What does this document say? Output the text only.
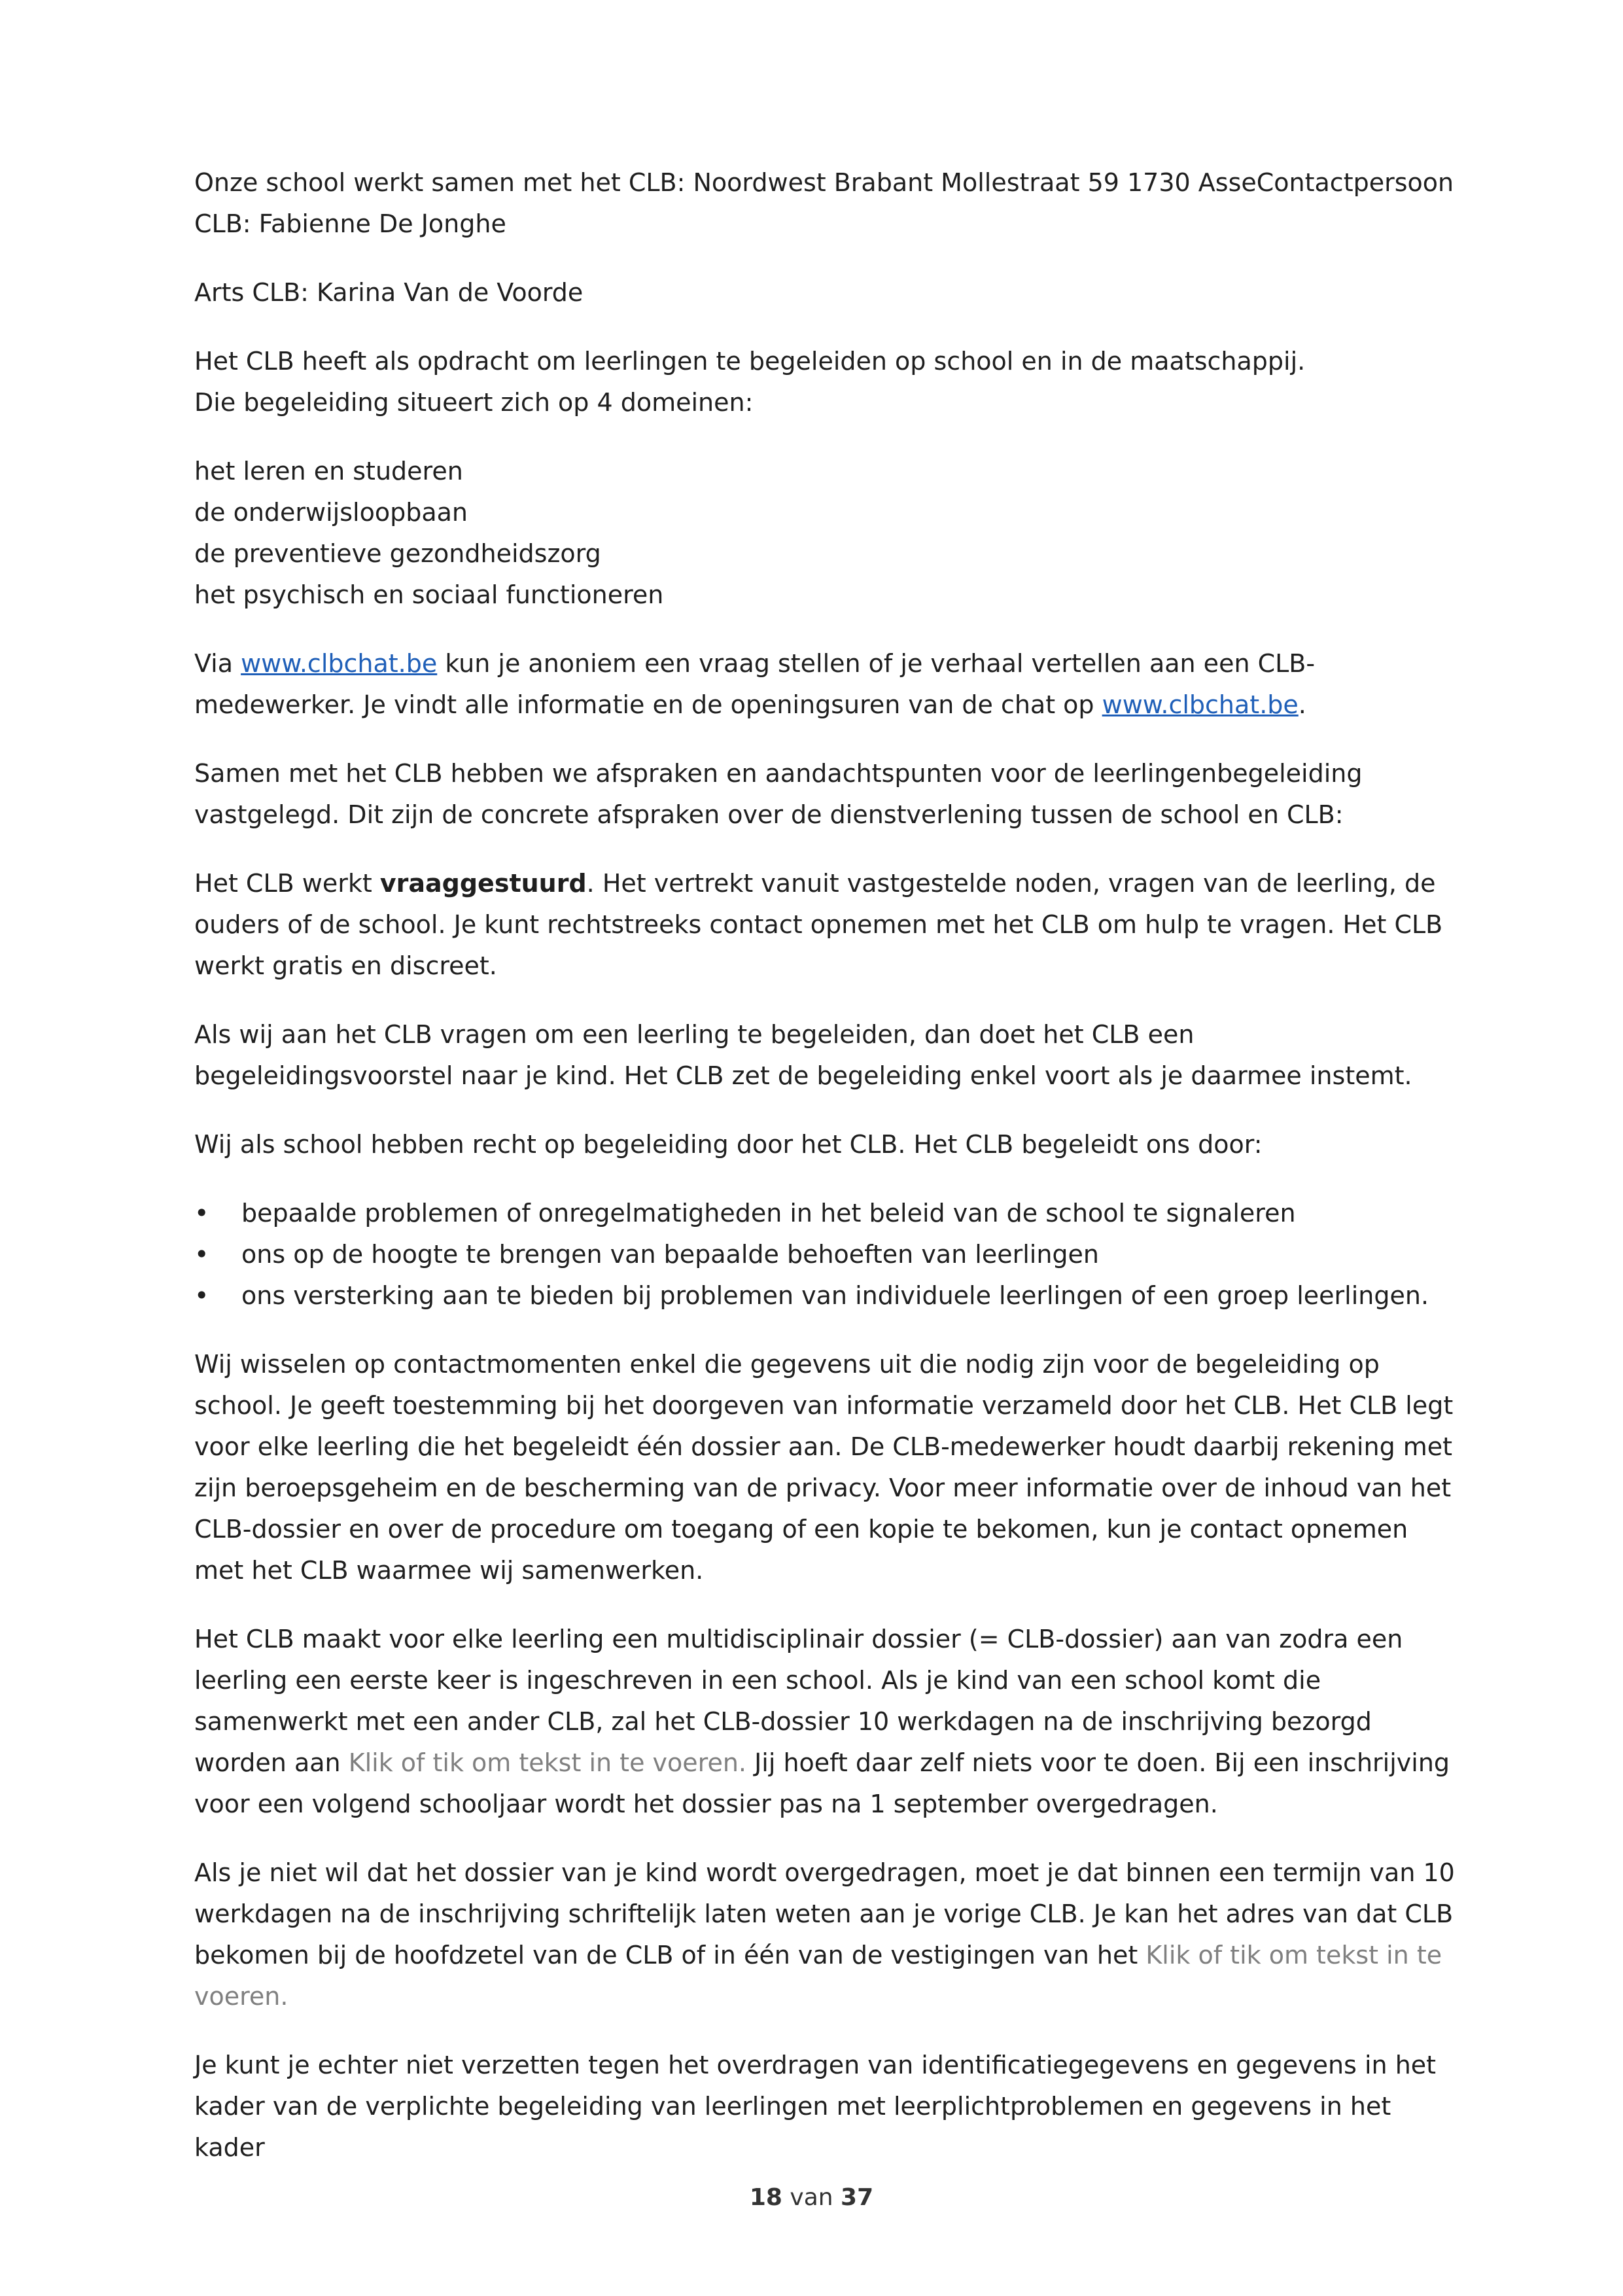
Onze school werkt samen met het CLB: Noordwest Brabant Mollestraat 59 1730 AsseContactpersoon
CLB: Fabienne De Jonghe

Arts CLB: Karina Van de Voorde

Het CLB heeft als opdracht om leerlingen te begeleiden op school en in de maatschappij.
Die begeleiding situeert zich op 4 domeinen:

het leren en studeren
de onderwijsloopbaan
de preventieve gezondheidszorg
het psychisch en sociaal functioneren

Via www.clbchat.be kun je anoniem een vraag stellen of je verhaal vertellen aan een CLB-medewerker. Je vindt alle informatie en de openingsuren van de chat op www.clbchat.be.

Samen met het CLB hebben we afspraken en aandachtspunten voor de leerlingenbegeleiding vastgelegd. Dit zijn de concrete afspraken over de dienstverlening tussen de school en CLB:

Het CLB werkt vraaggestuurd. Het vertrekt vanuit vastgestelde noden, vragen van de leerling, de ouders of de school. Je kunt rechtstreeks contact opnemen met het CLB om hulp te vragen. Het CLB werkt gratis en discreet.

Als wij aan het CLB vragen om een leerling te begeleiden, dan doet het CLB een begeleidingsvoorstel naar je kind. Het CLB zet de begeleiding enkel voort als je daarmee instemt.

Wij als school hebben recht op begeleiding door het CLB. Het CLB begeleidt ons door:

• bepaalde problemen of onregelmatigheden in het beleid van de school te signaleren
• ons op de hoogte te brengen van bepaalde behoeften van leerlingen
• ons versterking aan te bieden bij problemen van individuele leerlingen of een groep leerlingen.

Wij wisselen op contactmomenten enkel die gegevens uit die nodig zijn voor de begeleiding op school. Je geeft toestemming bij het doorgeven van informatie verzameld door het CLB. Het CLB legt voor elke leerling die het begeleidt één dossier aan. De CLB-medewerker houdt daarbij rekening met zijn beroepsgeheim en de bescherming van de privacy. Voor meer informatie over de inhoud van het CLB-dossier en over de procedure om toegang of een kopie te bekomen, kun je contact opnemen met het CLB waarmee wij samenwerken.

Het CLB maakt voor elke leerling een multidisciplinair dossier (= CLB-dossier) aan van zodra een leerling een eerste keer is ingeschreven in een school. Als je kind van een school komt die samenwerkt met een ander CLB, zal het CLB-dossier 10 werkdagen na de inschrijving bezorgd worden aan Klik of tik om tekst in te voeren. Jij hoeft daar zelf niets voor te doen. Bij een inschrijving voor een volgend schooljaar wordt het dossier pas na 1 september overgedragen.

Als je niet wil dat het dossier van je kind wordt overgedragen, moet je dat binnen een termijn van 10 werkdagen na de inschrijving schriftelijk laten weten aan je vorige CLB. Je kan het adres van dat CLB bekomen bij de hoofdzetel van de CLB of in één van de vestigingen van het Klik of tik om tekst in te voeren.

Je kunt je echter niet verzetten tegen het overdragen van identificatiegegevens en gegevens in het kader van de verplichte begeleiding van leerlingen met leerplichtproblemen en gegevens in het kader

18 van 37
